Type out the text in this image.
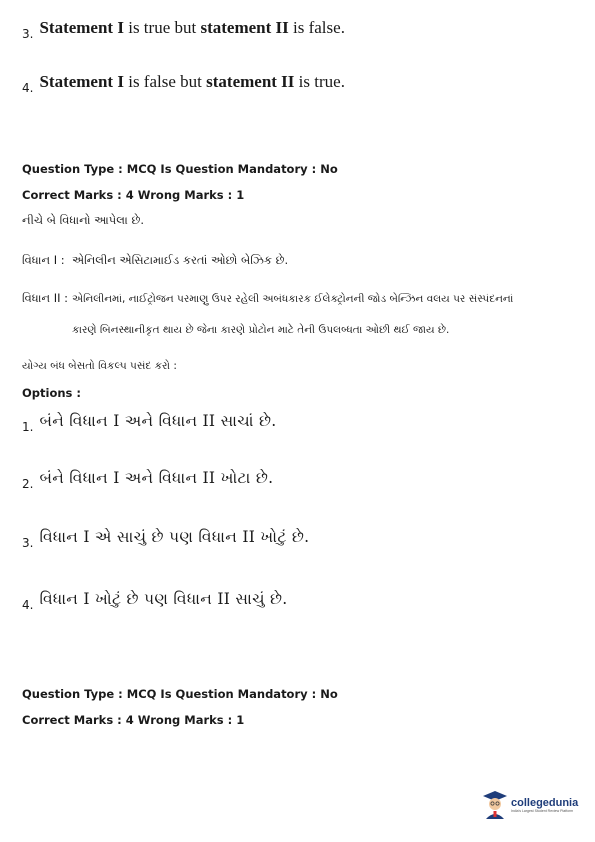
3. Statement I is true but statement II is false.
4. Statement I is false but statement II is true.
Question Type : MCQ Is Question Mandatory : No
Correct Marks : 4 Wrong Marks : 1
નીચે બે વિધાનો આપેલા છે.
વિધાન I : એનિલીન એસિટામાઈડ કરતાં ઓછો બેઝિક છે.
વિધાન II : એનિલીનમાં, નાઈટ્રોજન પરમાણુ ઉપર રહેલી અબંધકારક ઈલેક્ટ્રોનની જોડ બેન્ઝિન વલય પર સંસ્પંદનનાં
કારણે બિનસ્થાનીકૃત થાય છે જેના કારણે પ્રોટોન માટે તેની ઉપલબ્ધતા ઓછી થઈ જાય છે.
યોગ્ય બંધ બેસતો વિકલ્પ પસંદ કરો :
Options :
1. બંને વિધાન I અને વિધાન II સાચાં છે.
2. બંને વિધાન I અને વિધાન II ખોટા છે.
3. વિધાન I એ સાચું છે પણ વિધાન II ખોટું છે.
4. વિધાન I ખોટું છે પણ વિધાન II સાચું છે.
Question Type : MCQ Is Question Mandatory : No
Correct Marks : 4 Wrong Marks : 1
collegedunia
India's Largest Student Review Platform
